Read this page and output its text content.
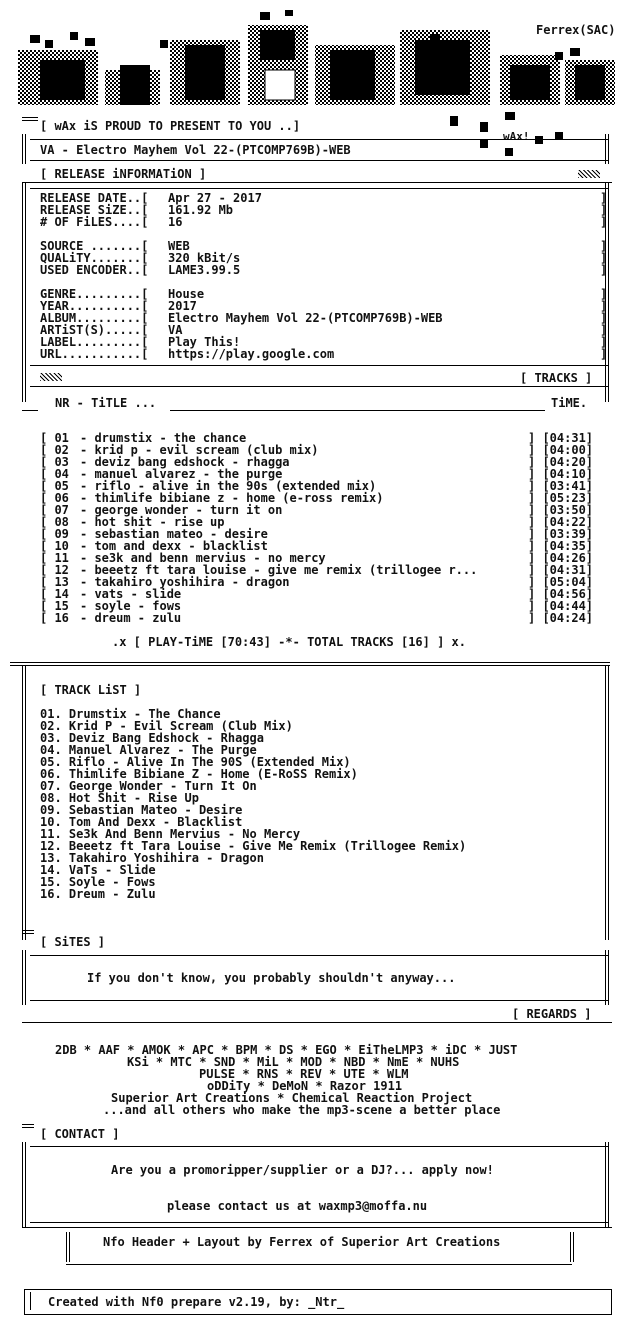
Ferrex(SAC)
wAx!
[ wAx iS PROUD TO PRESENT TO YOU ..]
VA - Electro Mayhem Vol 22-(PTCOMP769B)-WEB
[ RELEASE iNFORMATiON ]
RELEASE DATE..[ Apr 27 - 2017	]
RELEASE SiZE..[ 161.92 Mb	]
# OF FiLES....[ 16	]
SOURCE .......[ WEB	]
QUALiTY.......[ 320 kBit/s	]
USED ENCODER..[ LAME3.99.5	]
GENRE.........[ House	]
YEAR..........[ 2017	]
ALBUM.........[ Electro Mayhem Vol 22-(PTCOMP769B)-WEB	]
ARTiST(S).....[ VA	]
LABEL.........[ Play This!	]
URL...........[ https://play.google.com	]
[ TRACKS ]
NR - TiTLE ...	TiME.
[ 01 - drumstix - the chance	] [04:31]
[ 02 - krid p - evil scream (club mix)	] [04:00]
[ 03 - deviz bang edshock - rhagga	] [04:20]
[ 04 - manuel alvarez - the purge	] [04:10]
[ 05 - riflo - alive in the 90s (extended mix)	] [03:41]
[ 06 - thimlife bibiane z - home (e-ross remix)	] [05:23]
[ 07 - george wonder - turn it on	] [03:50]
[ 08 - hot shit - rise up	] [04:22]
[ 09 - sebastian mateo - desire	] [03:39]
[ 10 - tom and dexx - blacklist	] [04:35]
[ 11 - se3k and benn mervius - no mercy	] [04:26]
[ 12 - beeetz ft tara louise - give me remix (trillogee r...	] [04:31]
[ 13 - takahiro yoshihira - dragon	] [05:04]
[ 14 - vats - slide	] [04:56]
[ 15 - soyle - fows	] [04:44]
[ 16 - dreum - zulu	] [04:24]
.x [ PLAY-TiME [70:43] -*- TOTAL TRACKS [16] ] x.
[ TRACK LiST ]
01. Drumstix - The Chance
02. Krid P - Evil Scream (Club Mix)
03. Deviz Bang Edshock - Rhagga
04. Manuel Alvarez - The Purge
05. Riflo - Alive In The 90S (Extended Mix)
06. Thimlife Bibiane Z - Home (E-RoSS Remix)
07. George Wonder - Turn It On
08. Hot Shit - Rise Up
09. Sebastian Mateo - Desire
10. Tom And Dexx - Blacklist
11. Se3k And Benn Mervius - No Mercy
12. Beeetz ft Tara Louise - Give Me Remix (Trillogee Remix)
13. Takahiro Yoshihira - Dragon
14. VaTs - Slide
15. Soyle - Fows
16. Dreum - Zulu
[ SiTES ]
If you don't know, you probably shouldn't anyway...
[ REGARDS ]
2DB * AAF * AMOK * APC * BPM * DS * EGO * EiTheLMP3 * iDC * JUST
KSi * MTC * SND * MiL * MOD * NBD * NmE * NUHS
PULSE * RNS * REV * UTE * WLM
oDDiTy * DeMoN * Razor 1911
Superior Art Creations * Chemical Reaction Project
...and all others who make the mp3-scene a better place
[ CONTACT ]
Are you a promoripper/supplier or a DJ?... apply now!
please contact us at waxmp3@moffa.nu
Nfo Header + Layout by Ferrex of Superior Art Creations
Created with Nf0 prepare v2.19, by: _Ntr_
